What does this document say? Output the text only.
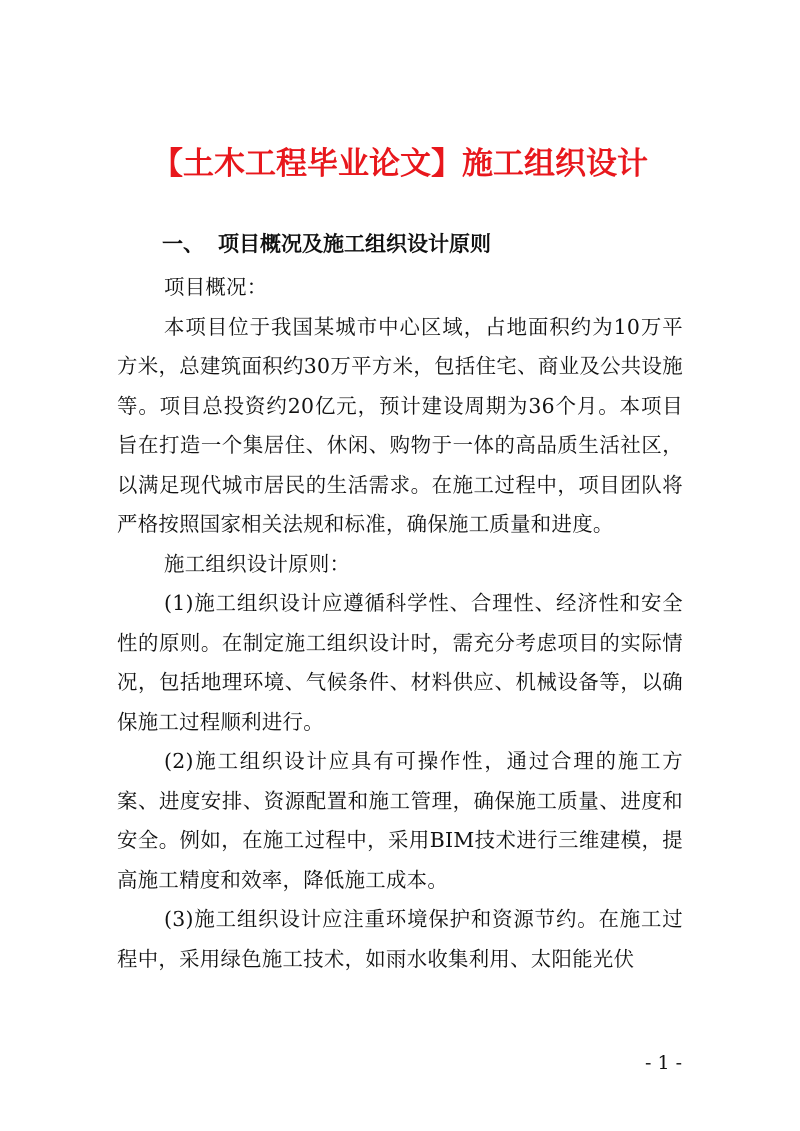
【土木工程毕业论文】施工组织设计
一、 项目概况及施工组织设计原则

项目概况：

本项目位于我国某城市中心区域，占地面积约为10万平方米，总建筑面积约30万平方米，包括住宅、商业及公共设施等。项目总投资约20亿元，预计建设周期为36个月。本项目旨在打造一个集居住、休闲、购物于一体的高品质生活社区，以满足现代城市居民的生活需求。在施工过程中，项目团队将严格按照国家相关法规和标准，确保施工质量和进度。

施工组织设计原则：

(1)施工组织设计应遵循科学性、合理性、经济性和安全性的原则。在制定施工组织设计时，需充分考虑项目的实际情况，包括地理环境、气候条件、材料供应、机械设备等，以确保施工过程顺利进行。

(2)施工组织设计应具有可操作性，通过合理的施工方案、进度安排、资源配置和施工管理，确保施工质量、进度和安全。例如，在施工过程中，采用BIM技术进行三维建模，提高施工精度和效率，降低施工成本。

(3)施工组织设计应注重环境保护和资源节约。在施工过程中，采用绿色施工技术，如雨水收集利用、太阳能光伏

- 1 -
